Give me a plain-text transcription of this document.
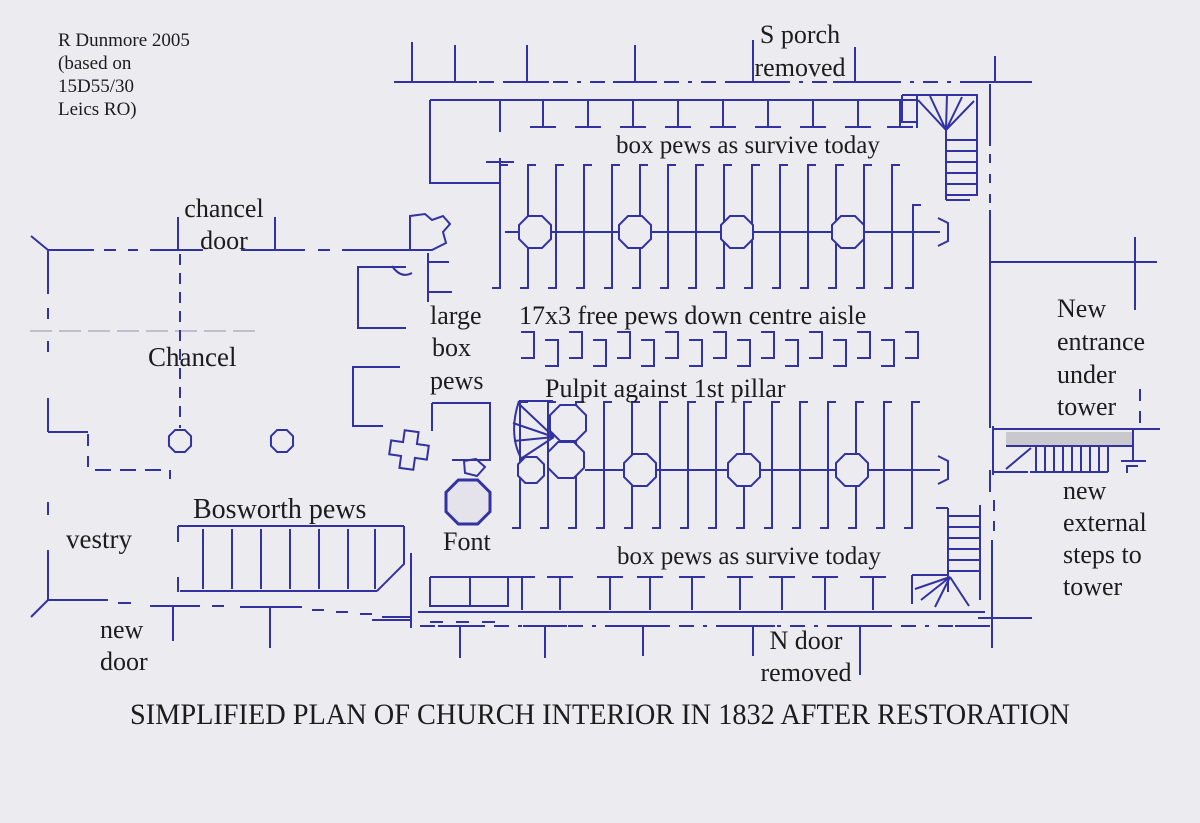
R Dunmore 2005
(based on
15D55/30
Leics RO)
S porch
removed
box pews as survive today
chancel
door
Chancel
large
box
pews
17x3 free pews down centre aisle
Pulpit against 1st pillar
Bosworth pews
vestry	Font
box pews as survive today
new
door
N door
removed
New
entrance
under
tower
new
external
steps to
tower
SIMPLIFIED PLAN OF CHURCH INTERIOR IN 1832 AFTER RESTORATION
